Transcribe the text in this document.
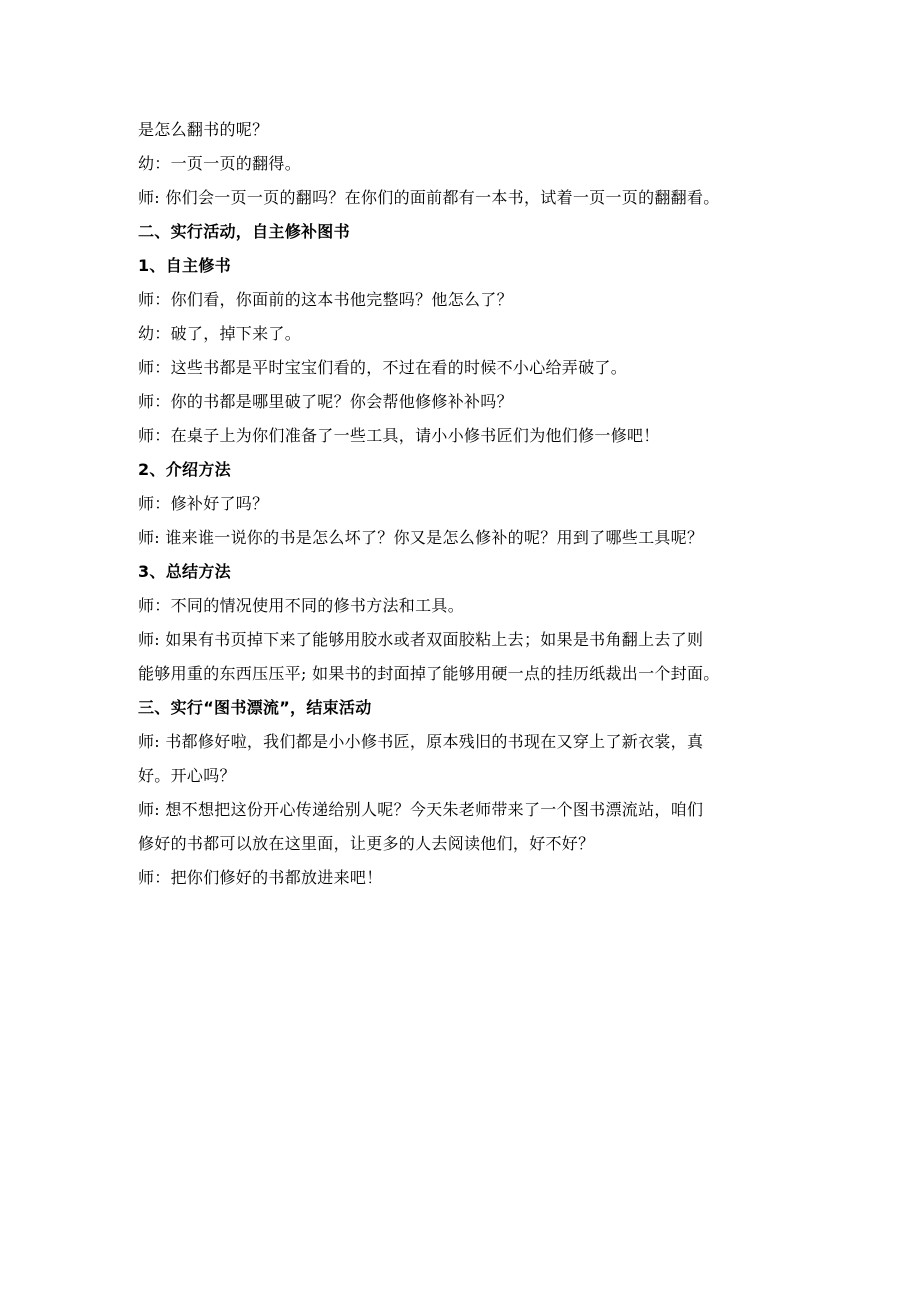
是怎么翻书的呢？
幼：一页一页的翻得。
师: 你们会一页一页的翻吗？在你们的面前都有一本书，试着一页一页的翻翻看。
二、实行活动，自主修补图书
1、自主修书
师：你们看，你面前的这本书他完整吗？他怎么了？
幼：破了，掉下来了。
师：这些书都是平时宝宝们看的，不过在看的时候不小心给弄破了。
师：你的书都是哪里破了呢？你会帮他修修补补吗？
师：在桌子上为你们准备了一些工具，请小小修书匠们为他们修一修吧！
2、介绍方法
师：修补好了吗？
师: 谁来谁一说你的书是怎么坏了？你又是怎么修补的呢？用到了哪些工具呢？
3、总结方法
师：不同的情况使用不同的修书方法和工具。
师: 如果有书页掉下来了能够用胶水或者双面胶粘上去；如果是书角翻上去了则
能够用重的东西压压平; 如果书的封面掉了能够用硬一点的挂历纸裁出一个封面。
三、实行“图书漂流”，结束活动
师: 书都修好啦，我们都是小小修书匠，原本残旧的书现在又穿上了新衣裳，真
好。开心吗？
师: 想不想把这份开心传递给别人呢？今天朱老师带来了一个图书漂流站，咱们
修好的书都可以放在这里面，让更多的人去阅读他们，好不好？
师：把你们修好的书都放进来吧！
